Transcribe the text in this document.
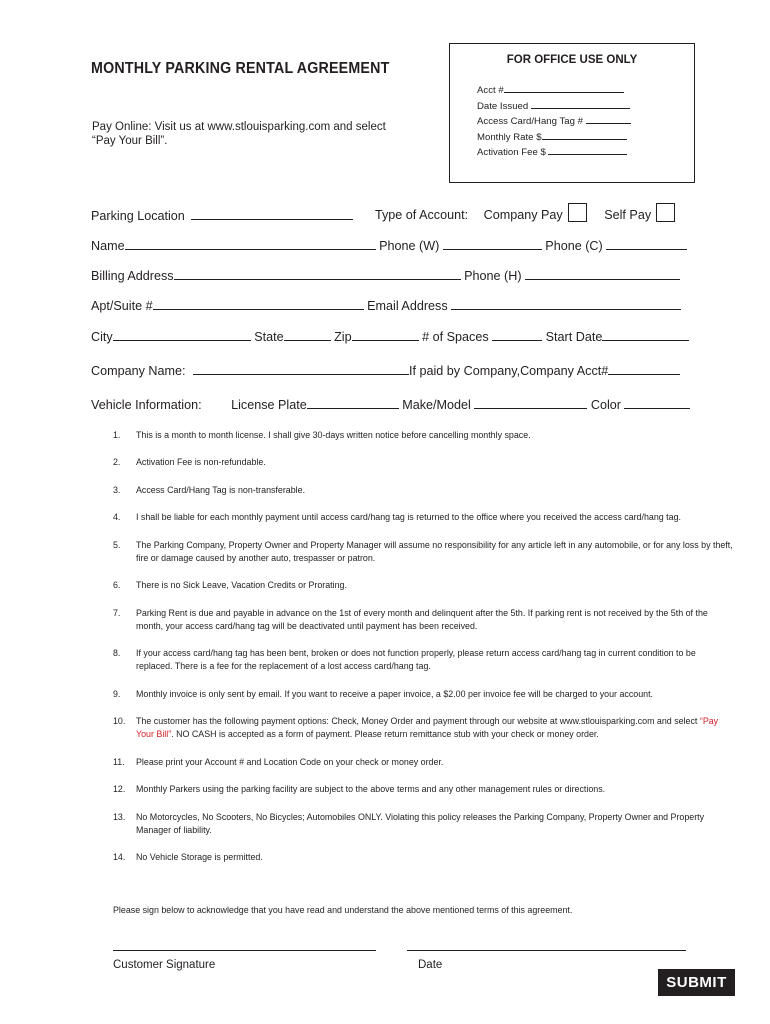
MONTHLY PARKING RENTAL AGREEMENT
Pay Online: Visit us at www.stlouisparking.com and select
“Pay Your Bill”.
FOR OFFICE USE ONLY
Acct #
Date Issued
Access Card/Hang Tag #
Monthly Rate $
Activation Fee $
Parking Location	Type of Account: Company Pay	Self Pay
Name	Phone (W)	Phone (C)
Billing Address	Phone (H)
Apt/Suite #	Email Address
City	State	Zip	# of Spaces	Start Date
Company Name:	If paid by Company,Company Acct#
Vehicle Information: License Plate	Make/Model	Color
1. This is a month to month license. I shall give 30-days written notice before cancelling monthly space.
2. Activation Fee is non-refundable.
3. Access Card/Hang Tag is non-transferable.
4. I shall be liable for each monthly payment until access card/hang tag is returned to the office where you received the access card/hang tag.
5. The Parking Company, Property Owner and Property Manager will assume no responsibility for any article left in any automobile, or for any loss by theft, fire or damage caused by another auto, trespasser or patron.
6. There is no Sick Leave, Vacation Credits or Prorating.
7. Parking Rent is due and payable in advance on the 1st of every month and delinquent after the 5th. If parking rent is not received by the 5th of the month, your access card/hang tag will be deactivated until payment has been received.
8. If your access card/hang tag has been bent, broken or does not function properly, please return access card/hang tag in current condition to be replaced. There is a fee for the replacement of a lost access card/hang tag.
9. Monthly invoice is only sent by email. If you want to receive a paper invoice, a $2.00 per invoice fee will be charged to your account.
10. The customer has the following payment options: Check, Money Order and payment through our website at www.stlouisparking.com and select “Pay Your Bill”. NO CASH is accepted as a form of payment. Please return remittance stub with your check or money order.
11. Please print your Account # and Location Code on your check or money order.
12. Monthly Parkers using the parking facility are subject to the above terms and any other management rules or directions.
13. No Motorcycles, No Scooters, No Bicycles; Automobiles ONLY. Violating this policy releases the Parking Company, Property Owner and Property Manager of liability.
14. No Vehicle Storage is permitted.
Please sign below to acknowledge that you have read and understand the above mentioned terms of this agreement.
Customer Signature	Date
SUBMIT
